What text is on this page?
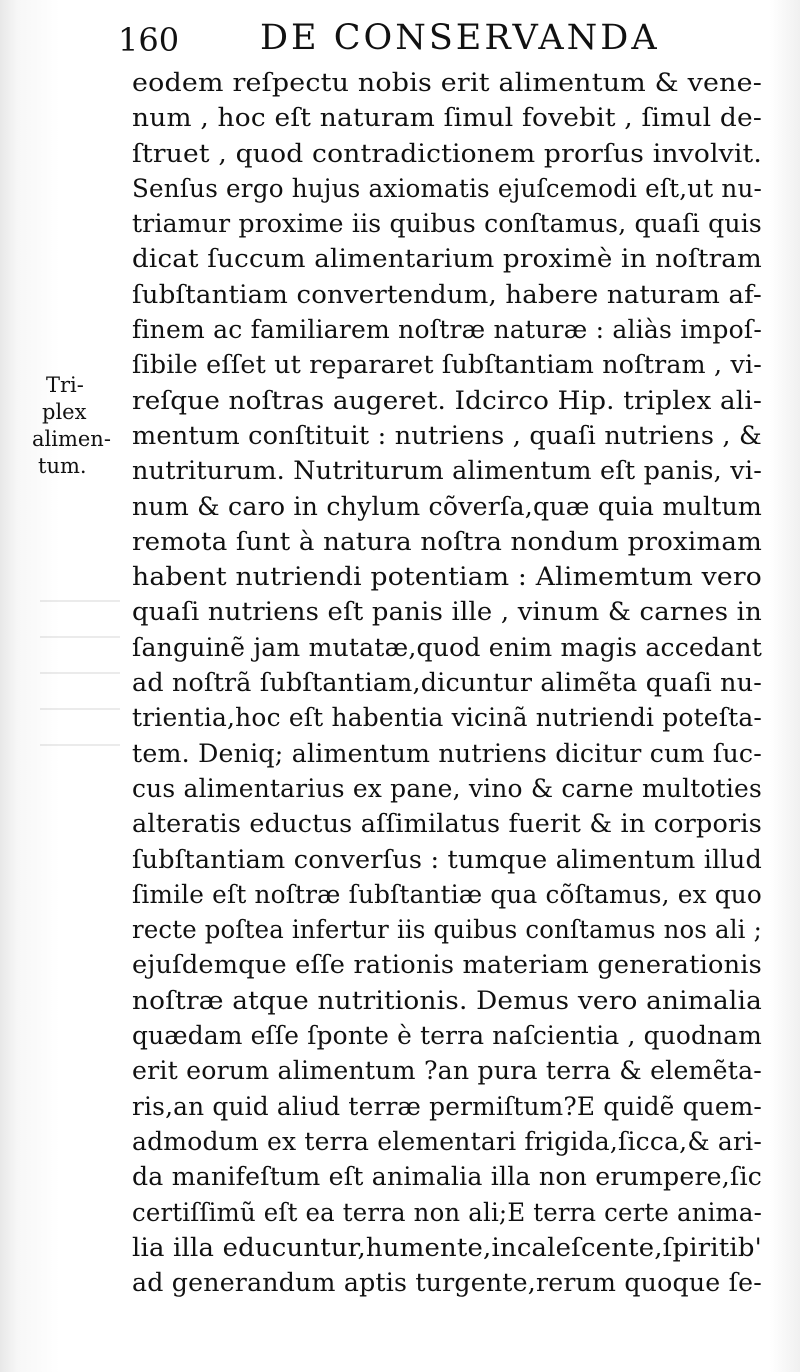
160 DE CONSERVANDA
Tri-
plex
alimen-
tum.
eodem reſpectu nobis erit alimentum & vene-
num , hoc eſt naturam ſimul fovebit , ſimul de-
ſtruet , quod contradictionem prorſus involvit.
Senſus ergo hujus axiomatis ejuſcemodi eſt,ut nu-
triamur proxime iis quibus conſtamus, quaſi quis
dicat ſuccum alimentarium proximè in noſtram
ſubſtantiam convertendum, habere naturam af-
finem ac familiarem noſtræ naturæ : aliàs impoſ-
ſibile eſſet ut repararet ſubſtantiam noſtram , vi-
reſque noſtras augeret. Idcirco Hip. triplex ali-
mentum conſtituit : nutriens , quaſi nutriens , &
nutriturum. Nutriturum alimentum eſt panis, vi-
num & caro in chylum cõverſa,quæ quia multum
remota ſunt à natura noſtra nondum proximam
habent nutriendi potentiam : Alimemtum vero
quaſi nutriens eſt panis ille , vinum & carnes in
ſanguinẽ jam mutatæ,quod enim magis accedant
ad noſtrã ſubſtantiam,dicuntur alimẽta quaſi nu-
trientia,hoc eſt habentia vicinã nutriendi poteſta-
tem. Deniq; alimentum nutriens dicitur cum ſuc-
cus alimentarius ex pane, vino & carne multoties
alteratis eductus aſſimilatus fuerit & in corporis
ſubſtantiam converſus : tumque alimentum illud
ſimile eſt noſtræ ſubſtantiæ qua cõſtamus, ex quo
recte poſtea infertur iis quibus conſtamus nos ali ;
ejuſdemque eſſe rationis materiam generationis
noſtræ atque nutritionis. Demus vero animalia
quædam eſſe ſponte è terra naſcientia , quodnam
erit eorum alimentum ?an pura terra & elemẽta-
ris,an quid aliud terræ permiſtum?E quidẽ quem-
admodum ex terra elementari frigida,ſicca,& ari-
da manifeſtum eſt animalia illa non erumpere,ſic
certiſſimũ eſt ea terra non ali;E terra certe anima-
lia illa educuntur,humente,incaleſcente,ſpiritib'
ad generandum aptis turgente,rerum quoque ſe-
